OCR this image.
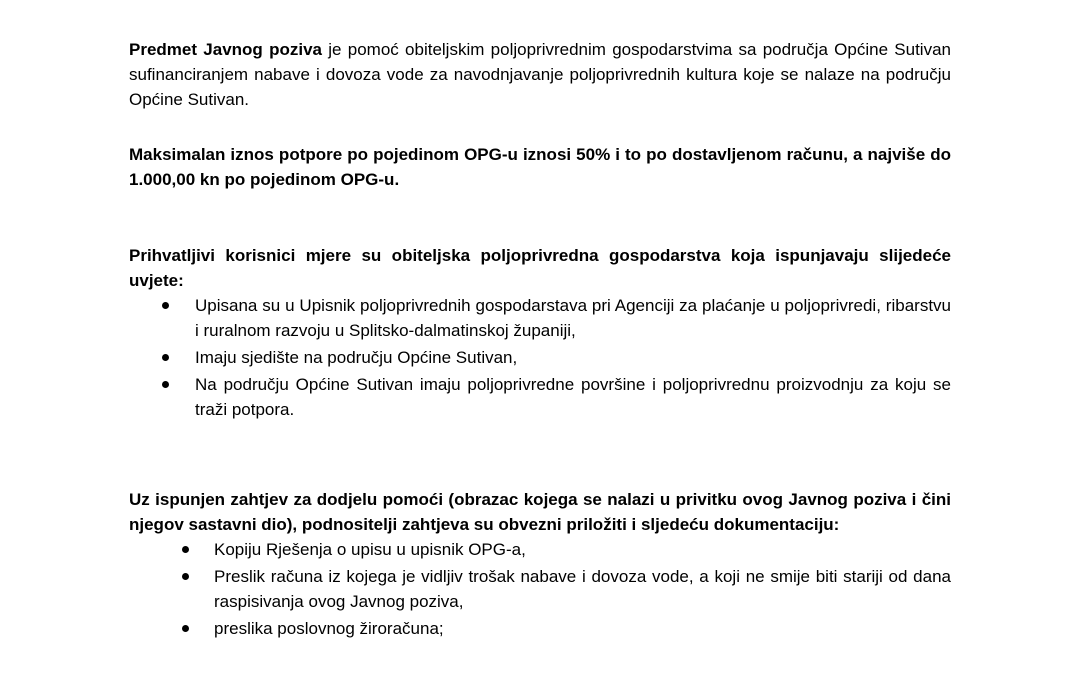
Predmet Javnog poziva je pomoć obiteljskim poljoprivrednim gospodarstvima sa područja Općine Sutivan sufinanciranjem nabave i dovoza vode za navodnjavanje poljoprivrednih kultura koje se nalaze na području Općine Sutivan.

Maksimalan iznos potpore po pojedinom OPG-u iznosi 50% i to po dostavljenom računu, a najviše do 1.000,00 kn po pojedinom OPG-u.

Prihvatljivi korisnici mjere su obiteljska poljoprivredna gospodarstva koja ispunjavaju slijedeće uvjete:

Upisana su u Upisnik poljoprivrednih gospodarstava pri Agenciji za plaćanje u poljoprivredi, ribarstvu i ruralnom razvoju u Splitsko-dalmatinskoj županiji,
Imaju sjedište na području Općine Sutivan,
Na području Općine Sutivan imaju poljoprivredne površine i poljoprivrednu proizvodnju za koju se traži potpora.

Uz ispunjen zahtjev za dodjelu pomoći (obrazac kojega se nalazi u privitku ovog Javnog poziva i čini njegov sastavni dio), podnositelji zahtjeva su obvezni priložiti i sljedeću dokumentaciju:

Kopiju Rješenja o upisu u upisnik OPG-a,
Preslik računa iz kojega je vidljiv trošak nabave i dovoza vode, a koji ne smije biti stariji od dana raspisivanja ovog Javnog poziva,
preslika poslovnog žiroračuna;
